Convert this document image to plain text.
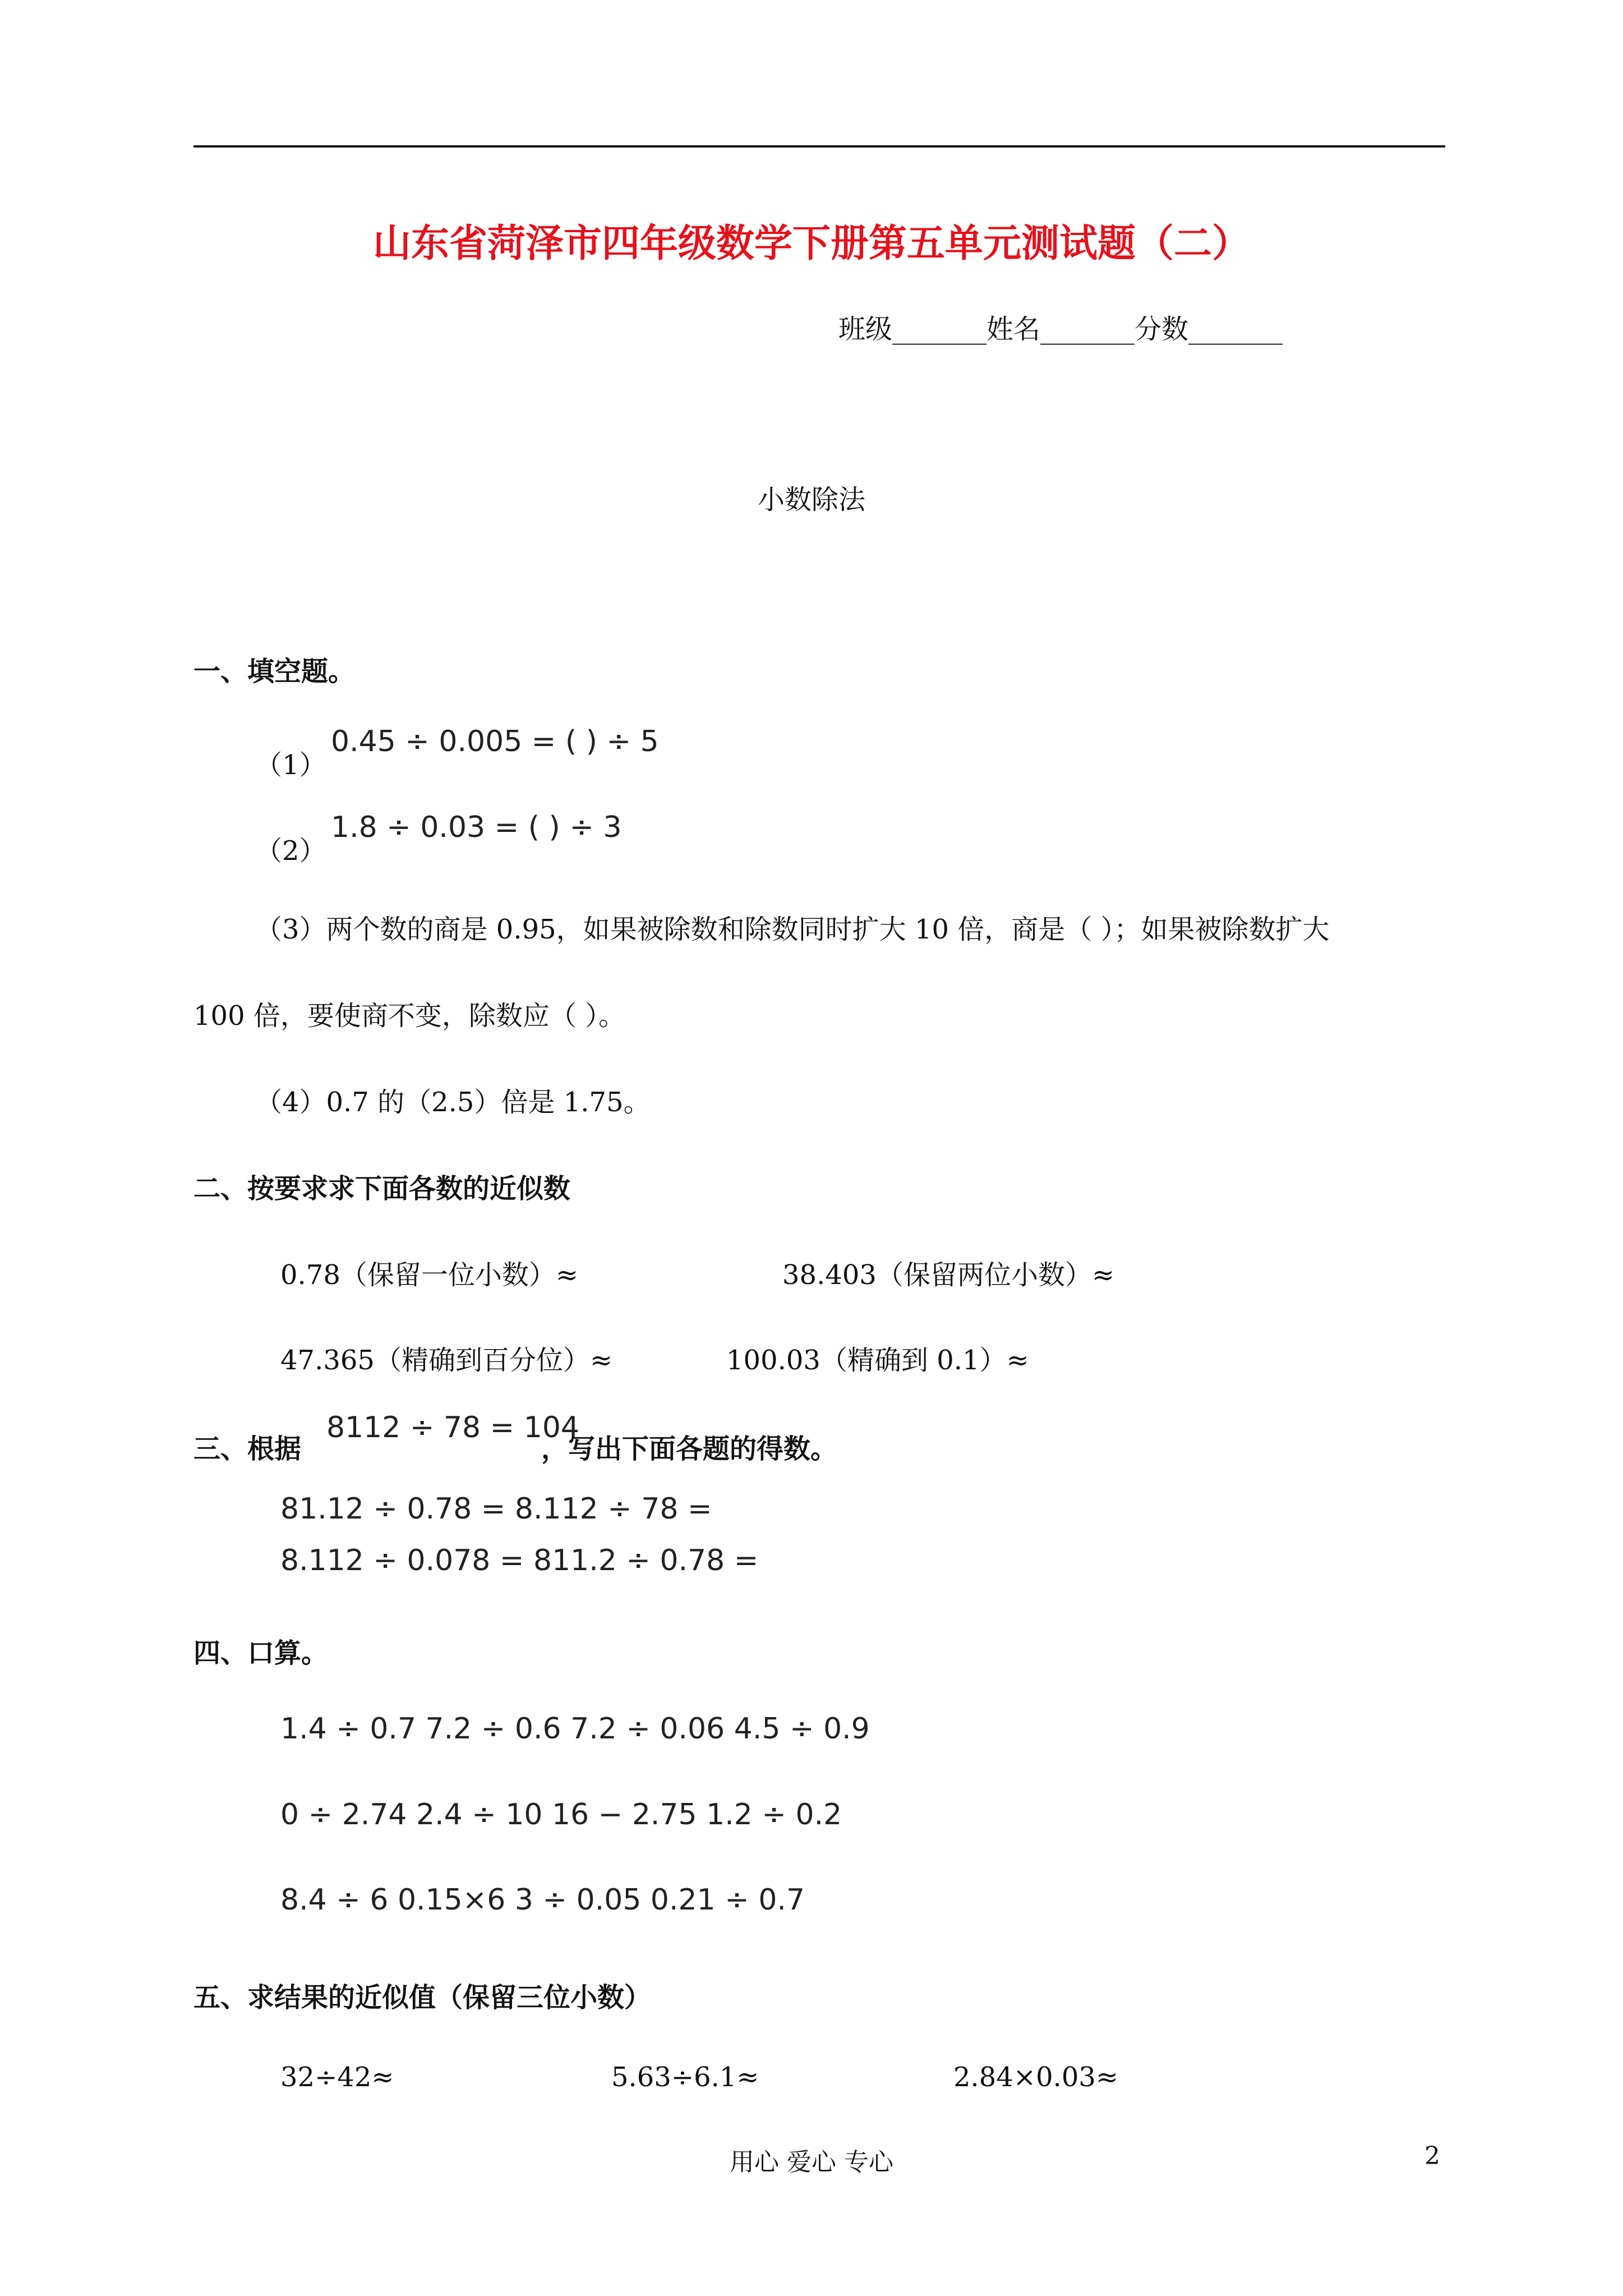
山东省菏泽市四年级数学下册第五单元测试题（二）
班级_______姓名_______分数_______
小数除法
一、填空题。
（1）
0.45 ÷ 0.005 = ( ) ÷ 5
（2）
1.8 ÷ 0.03 = ( ) ÷ 3
（3）两个数的商是 0.95，如果被除数和除数同时扩大 10 倍，商是（ ）；如果被除数扩大
100 倍，要使商不变，除数应（ ）。
（4）0.7 的（2.5）倍是 1.75。
二、按要求求下面各数的近似数
0.78（保留一位小数）≈	38.403（保留两位小数）≈
47.365（精确到百分位）≈	100.03（精确到 0.1）≈
三、根据
8112 ÷ 78 = 104
，写出下面各题的得数。
81.12 ÷ 0.78 = 8.112 ÷ 78 =
8.112 ÷ 0.078 = 811.2 ÷ 0.78 =
四、口算。
1.4 ÷ 0.7 7.2 ÷ 0.6 7.2 ÷ 0.06 4.5 ÷ 0.9
0 ÷ 2.74 2.4 ÷ 10 16 − 2.75 1.2 ÷ 0.2
8.4 ÷ 6 0.15×6 3 ÷ 0.05 0.21 ÷ 0.7
五、求结果的近似值（保留三位小数）
32÷42≈	5.63÷6.1≈	2.84×0.03≈
用心 爱心 专心	2
